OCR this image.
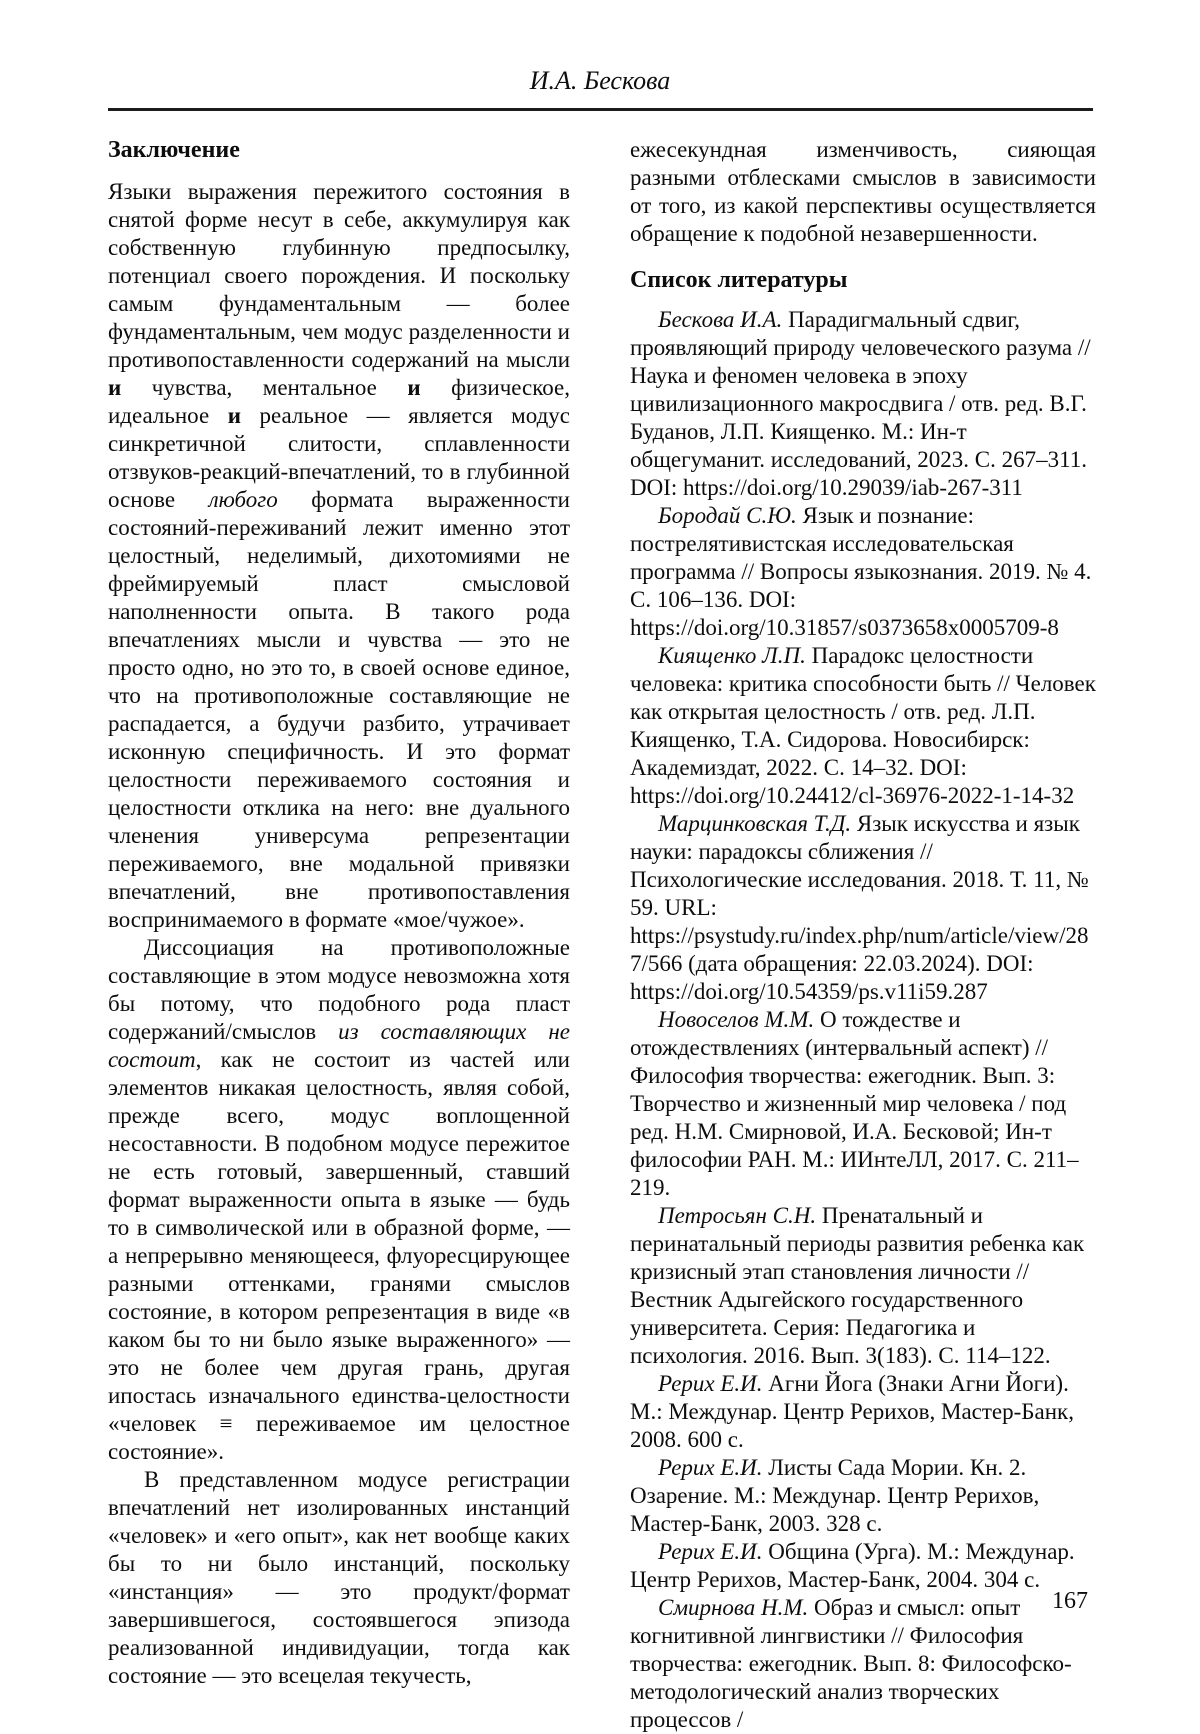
И.А. Бескова
Заключение

Языки выражения пережитого состояния в снятой форме несут в себе, аккумулируя как собственную глубинную предпосылку, потенциал своего порождения. И поскольку самым фундаментальным — более фундаментальным, чем модус разделенности и противопоставленности содержаний на мысли и чувства, ментальное и физическое, идеальное и реальное — является модус синкретичной слитости, сплавленности отзвуков-реакций-впечатлений, то в глубинной основе любого формата выраженности состояний-переживаний лежит именно этот целостный, неделимый, дихотомиями не фреймируемый пласт смысловой наполненности опыта. В такого рода впечатлениях мысли и чувства — это не просто одно, но это то, в своей основе единое, что на противоположные составляющие не распадается, а будучи разбито, утрачивает исконную специфичность. И это формат целостности переживаемого состояния и целостности отклика на него: вне дуального членения универсума репрезентации переживаемого, вне модальной привязки впечатлений, вне противопоставления воспринимаемого в формате «мое/чужое».

Диссоциация на противоположные составляющие в этом модусе невозможна хотя бы потому, что подобного рода пласт содержаний/смыслов из составляющих не состоит, как не состоит из частей или элементов никакая целостность, являя собой, прежде всего, модус воплощенной несоставности. В подобном модусе пережитое не есть готовый, завершенный, ставший формат выраженности опыта в языке — будь то в символической или в образной форме, — а непрерывно меняющееся, флуоресцирующее разными оттенками, гранями смыслов состояние, в котором репрезентация в виде «в каком бы то ни было языке выраженного» — это не более чем другая грань, другая ипостась изначального единства-целостности «человек ≡ переживаемое им целостное состояние».

В представленном модусе регистрации впечатлений нет изолированных инстанций «человек» и «его опыт», как нет вообще каких бы то ни было инстанций, поскольку «инстанция» — это продукт/формат завершившегося, состоявшегося эпизода реализованной индивидуации, тогда как состояние — это всецелая текучесть,

ежесекундная изменчивость, сияющая разными отблесками смыслов в зависимости от того, из какой перспективы осуществляется обращение к подобной незавершенности.

Список литературы

Бескова И.А. Парадигмальный сдвиг, проявляющий природу человеческого разума // Наука и феномен человека в эпоху цивилизационного макросдвига / отв. ред. В.Г. Буданов, Л.П. Киященко. М.: Ин-т общегуманит. исследований, 2023. С. 267–311. DOI: https://doi.org/10.29039/iab-267-311

Бородай С.Ю. Язык и познание: пострелятивистская исследовательская программа // Вопросы языкознания. 2019. № 4. С. 106–136. DOI: https://doi.org/10.31857/s0373658x0005709-8

Киященко Л.П. Парадокс целостности человека: критика способности быть // Человек как открытая целостность / отв. ред. Л.П. Киященко, Т.А. Сидорова. Новосибирск: Академиздат, 2022. С. 14–32. DOI: https://doi.org/10.24412/cl-36976-2022-1-14-32

Марцинковская Т.Д. Язык искусства и язык науки: парадоксы сближения // Психологические исследования. 2018. Т. 11, № 59. URL: https://psystudy.ru/index.php/num/article/view/287/566 (дата обращения: 22.03.2024). DOI: https://doi.org/10.54359/ps.v11i59.287

Новоселов М.М. О тождестве и отождествлениях (интервальный аспект) // Философия творчества: ежегодник. Вып. 3: Творчество и жизненный мир человека / под ред. Н.М. Смирновой, И.А. Бесковой; Ин-т философии РАН. М.: ИИнтеЛЛ, 2017. С. 211–219.

Петросьян С.Н. Пренатальный и перинатальный периоды развития ребенка как кризисный этап становления личности // Вестник Адыгейского государственного университета. Серия: Педагогика и психология. 2016. Вып. 3(183). С. 114–122.

Рерих Е.И. Агни Йога (Знаки Агни Йоги). М.: Междунар. Центр Рерихов, Мастер-Банк, 2008. 600 с.

Рерих Е.И. Листы Сада Мории. Кн. 2. Озарение. М.: Междунар. Центр Рерихов, Мастер-Банк, 2003. 328 с.

Рерих Е.И. Община (Урга). М.: Междунар. Центр Рерихов, Мастер-Банк, 2004. 304 с.

Смирнова Н.М. Образ и смысл: опыт когнитивной лингвистики // Философия творчества: ежегодник. Вып. 8: Философско-методологический анализ творческих процессов /

167
